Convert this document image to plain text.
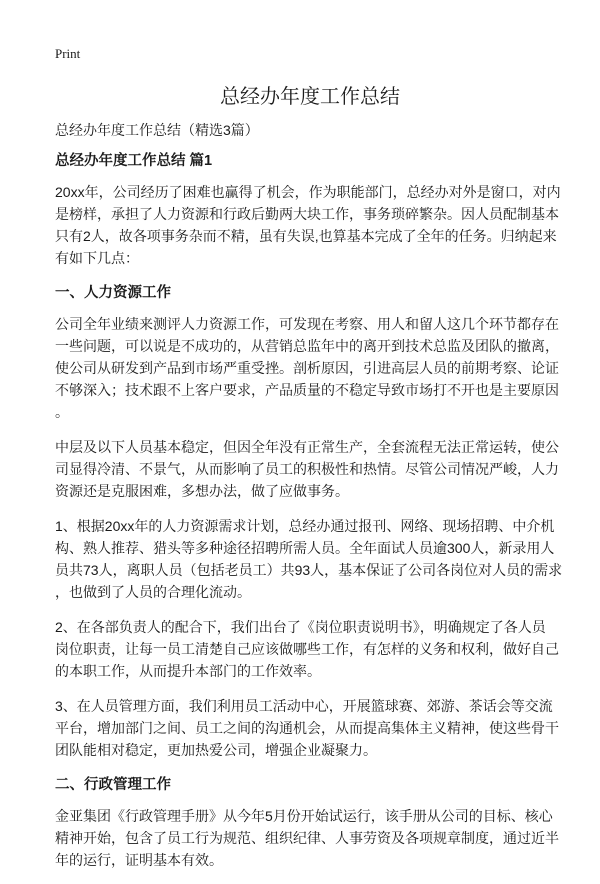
Print
总经办年度工作总结
总经办年度工作总结（精选3篇）
总经办年度工作总结 篇1
20xx年，公司经历了困难也赢得了机会，作为职能部门，总经办对外是窗口，对内
是榜样，承担了人力资源和行政后勤两大块工作，事务琐碎繁杂。因人员配制基本
只有2人，故各项事务杂而不精，虽有失误,也算基本完成了全年的任务。归纳起来
有如下几点：
一、人力资源工作
公司全年业绩来测评人力资源工作，可发现在考察、用人和留人这几个环节都存在
一些问题，可以说是不成功的，从营销总监年中的离开到技术总监及团队的撤离，
使公司从研发到产品到市场严重受挫。剖析原因，引进高层人员的前期考察、论证
不够深入；技术跟不上客户要求，产品质量的不稳定导致市场打不开也是主要原因
。
中层及以下人员基本稳定，但因全年没有正常生产，全套流程无法正常运转，使公
司显得冷清、不景气，从而影响了员工的积极性和热情。尽管公司情况严峻，人力
资源还是克服困难，多想办法，做了应做事务。
1、根据20xx年的人力资源需求计划，总经办通过报刊、网络、现场招聘、中介机
构、熟人推荐、猎头等多种途径招聘所需人员。全年面试人员逾300人，新录用人
员共73人，离职人员（包括老员工）共93人，基本保证了公司各岗位对人员的需求
，也做到了人员的合理化流动。
2、在各部负责人的配合下，我们出台了《岗位职责说明书》，明确规定了各人员
岗位职责，让每一员工清楚自己应该做哪些工作，有怎样的义务和权利，做好自己
的本职工作，从而提升本部门的工作效率。
3、在人员管理方面，我们利用员工活动中心，开展篮球赛、郊游、茶话会等交流
平台，增加部门之间、员工之间的沟通机会，从而提高集体主义精神，使这些骨干
团队能相对稳定，更加热爱公司，增强企业凝聚力。
二、行政管理工作
金亚集团《行政管理手册》从今年5月份开始试运行，该手册从公司的目标、核心
精神开始，包含了员工行为规范、组织纪律、人事劳资及各项规章制度，通过近半
年的运行，证明基本有效。
